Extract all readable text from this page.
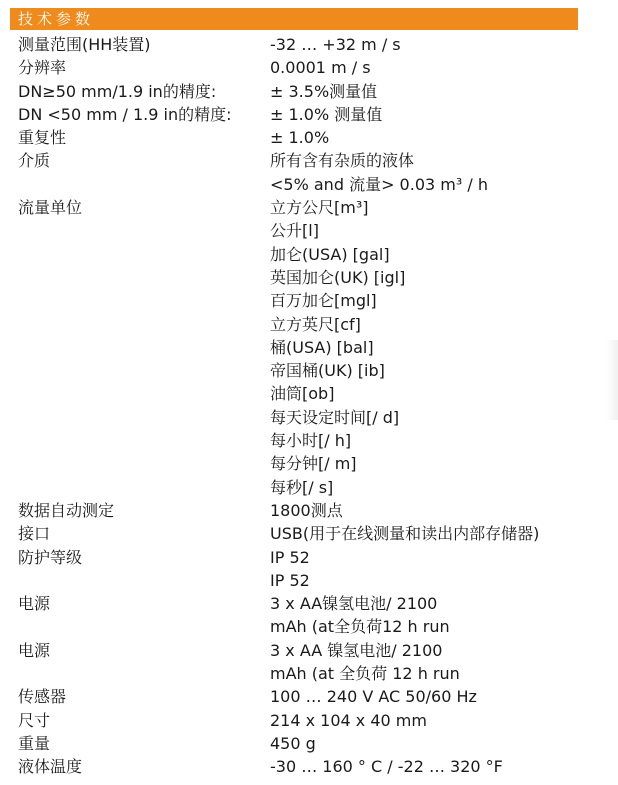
技术参数
测量范围(HH装置)	-32 … +32 m / s
分辨率	0.0001 m / s
DN≥50 mm/1.9 in的精度:	± 3.5%测量值
DN <50 mm / 1.9 in的精度:	± 1.0% 测量值
重复性	± 1.0%
介质	所有含有杂质的液体
<5% and 流量> 0.03 m³ / h
流量单位	立方公尺[m³]
公升[l]
加仑(USA) [gal]
英国加仑(UK) [igl]
百万加仑[mgl]
立方英尺[cf]
桶(USA) [bal]
帝国桶(UK) [ib]
油筒[ob]
每天设定时间[/ d]
每小时[/ h]
每分钟[/ m]
每秒[/ s]
数据自动测定	1800测点
接口	USB(用于在线测量和读出内部存储器)
防护等级	IP 52
IP 52
电源	3 x AA镍氢电池/ 2100
mAh (at全负荷12 h run
电源	3 x AA 镍氢电池/ 2100
mAh (at 全负荷 12 h run
传感器	100 … 240 V AC 50/60 Hz
尺寸	214 x 104 x 40 mm
重量	450 g
液体温度	-30 … 160 ° C / -22 … 320 °F
